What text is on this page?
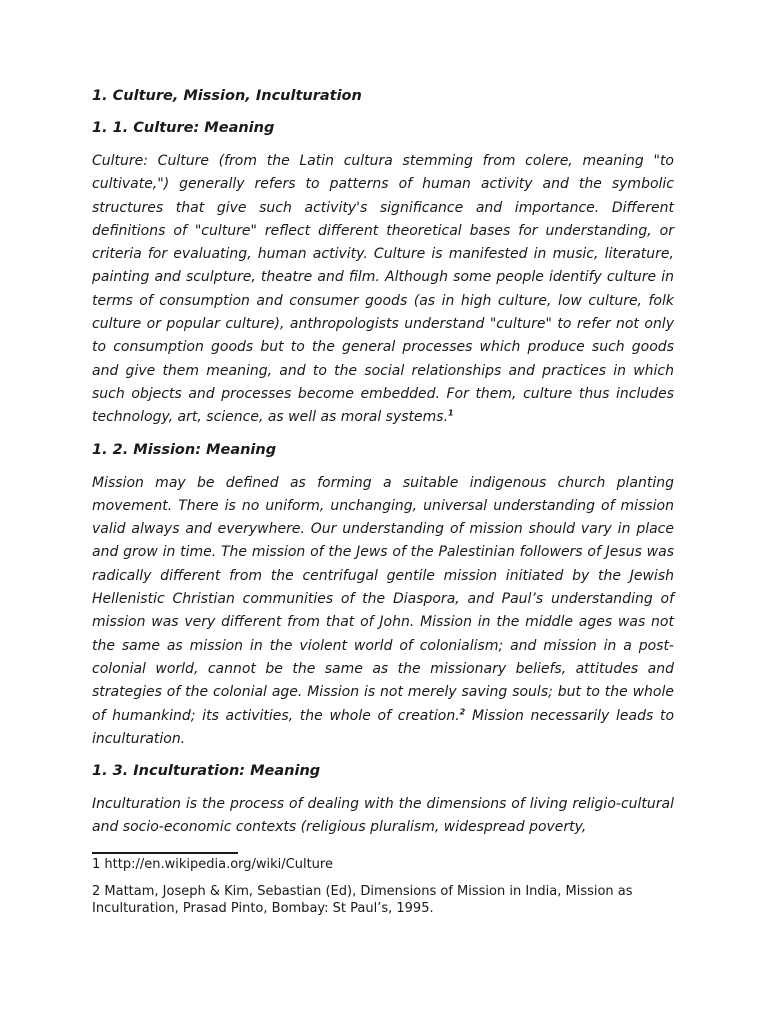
1. Culture, Mission, Inculturation
1. 1. Culture: Meaning

Culture: Culture (from the Latin cultura stemming from colere, meaning "to cultivate,") generally refers to patterns of human activity and the symbolic structures that give such activity's significance and importance. Different definitions of "culture" reflect different theoretical bases for understanding, or criteria for evaluating, human activity. Culture is manifested in music, literature, painting and sculpture, theatre and film. Although some people identify culture in terms of consumption and consumer goods (as in high culture, low culture, folk culture or popular culture), anthropologists understand "culture" to refer not only to consumption goods but to the general processes which produce such goods and give them meaning, and to the social relationships and practices in which such objects and processes become embedded. For them, culture thus includes technology, art, science, as well as moral systems.$^1$

1. 2. Mission: Meaning

Mission may be defined as forming a suitable indigenous church planting movement. There is no uniform, unchanging, universal understanding of mission valid always and everywhere. Our understanding of mission should vary in place and grow in time. The mission of the Jews of the Palestinian followers of Jesus was radically different from the centrifugal gentile mission initiated by the Jewish Hellenistic Christian communities of the Diaspora, and Paul’s understanding of mission was very different from that of John. Mission in the middle ages was not the same as mission in the violent world of colonialism; and mission in a post-colonial world, cannot be the same as the missionary beliefs, attitudes and strategies of the colonial age. Mission is not merely saving souls; but to the whole of humankind; its activities, the whole of creation.$^2$ Mission necessarily leads to inculturation.

1. 3. Inculturation: Meaning

Inculturation is the process of dealing with the dimensions of living religio-cultural and socio-economic contexts (religious pluralism, widespread poverty,

1 http://en.wikipedia.org/wiki/Culture

2 Mattam, Joseph & Kim, Sebastian (Ed), Dimensions of Mission in India, Mission as Inculturation, Prasad Pinto, Bombay: St Paul’s, 1995.
